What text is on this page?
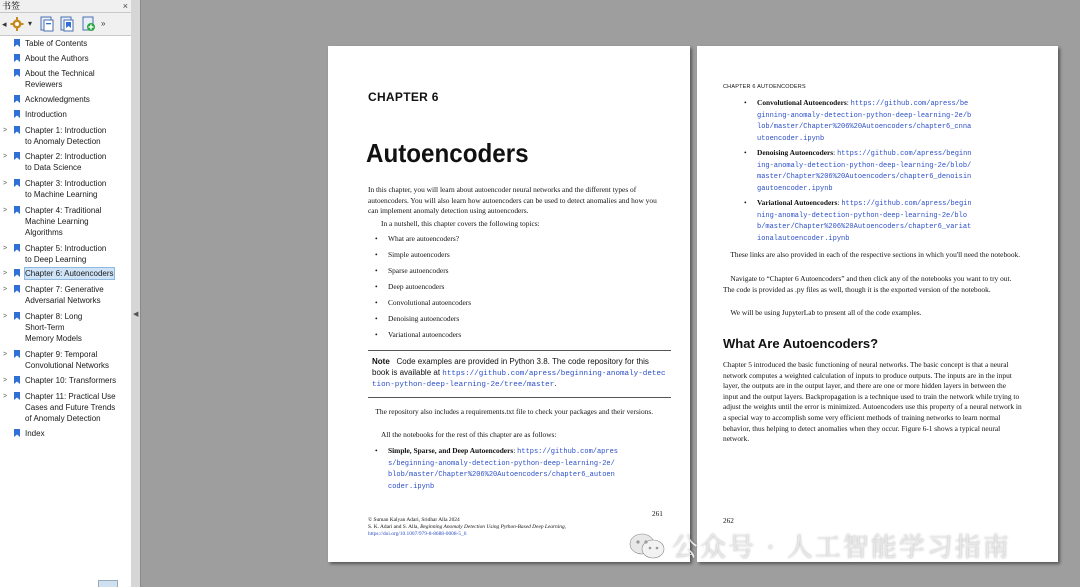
书签	×
◂	▾	»
Table of Contents
About the Authors
About the Technical
Reviewers
Acknowledgments
Introduction
> Chapter 1: Introduction
to Anomaly Detection
> Chapter 2: Introduction
to Data Science
> Chapter 3: Introduction
to Machine Learning
> Chapter 4: Traditional
Machine Learning
Algorithms
> Chapter 5: Introduction
to Deep Learning
> Chapter 6: Autoencoders
> Chapter 7: Generative
Adversarial Networks
> Chapter 8: Long
Short-Term
Memory Models
> Chapter 9: Temporal
Convolutional Networks
> Chapter 10: Transformers
> Chapter 11: Practical Use
Cases and Future Trends
of Anomaly Detection
Index
◀
CHAPTER 6
Autoencoders
In this chapter, you will learn about autoencoder neural networks and the different types of autoencoders. You will also learn how autoencoders can be used to detect anomalies and how you can implement anomaly detection using autoencoders.
In a nutshell, this chapter covers the following topics:
• What are autoencoders?
• Simple autoencoders
• Sparse autoencoders
• Deep autoencoders
• Convolutional autoencoders
• Denoising autoencoders
• Variational autoencoders
Note Code examples are provided in Python 3.8. The code repository for this book is available at https://github.com/apress/beginning-anomaly-detection-python-deep-learning-2e/tree/master.
The repository also includes a requirements.txt file to check your packages and their versions.
All the notebooks for the rest of this chapter are as follows:
• Simple, Sparse, and Deep Autoencoders: https://github.com/apress/beginning-anomaly-detection-python-deep-learning-2e/blob/master/Chapter%206%20Autoencoders/chapter6_autoencoder.ipynb
261
© Suman Kalyan Adari, Sridhar Alla 2024
S. K. Adari and S. Alla, Beginning Anomaly Detection Using Python-Based Deep Learning,
https://doi.org/10.1007/979-8-8688-0008-5_6
CHAPTER 6 AUTOENCODERS
• Convolutional Autoencoders: https://github.com/apress/beginning-anomaly-detection-python-deep-learning-2e/blob/master/Chapter%206%20Autoencoders/chapter6_cnnautoencoder.ipynb
• Denoising Autoencoders: https://github.com/apress/beginning-anomaly-detection-python-deep-learning-2e/blob/master/Chapter%206%20Autoencoders/chapter6_denoisingautoencoder.ipynb
• Variational Autoencoders: https://github.com/apress/beginning-anomaly-detection-python-deep-learning-2e/blob/master/Chapter%206%20Autoencoders/chapter6_variationalautoencoder.ipynb
These links are also provided in each of the respective sections in which you'll need the notebook.
Navigate to “Chapter 6 Autoencoders” and then click any of the notebooks you want to try out. The code is provided as .py files as well, though it is the exported version of the notebook.
We will be using JupyterLab to present all of the code examples.
What Are Autoencoders?
Chapter 5 introduced the basic functioning of neural networks. The basic concept is that a neural network computes a weighted calculation of inputs to produce outputs. The inputs are in the input layer, the outputs are in the output layer, and there are one or more hidden layers in between the input and the output layers. Backpropagation is a technique used to train the network while trying to adjust the weights until the error is minimized. Autoencoders use this property of a neural network in a special way to accomplish some very efficient methods of training networks to learn normal behavior, thus helping to detect anomalies when they occur. Figure 6-1 shows a typical neural network.
262
公众号 · 人工智能学习指南
